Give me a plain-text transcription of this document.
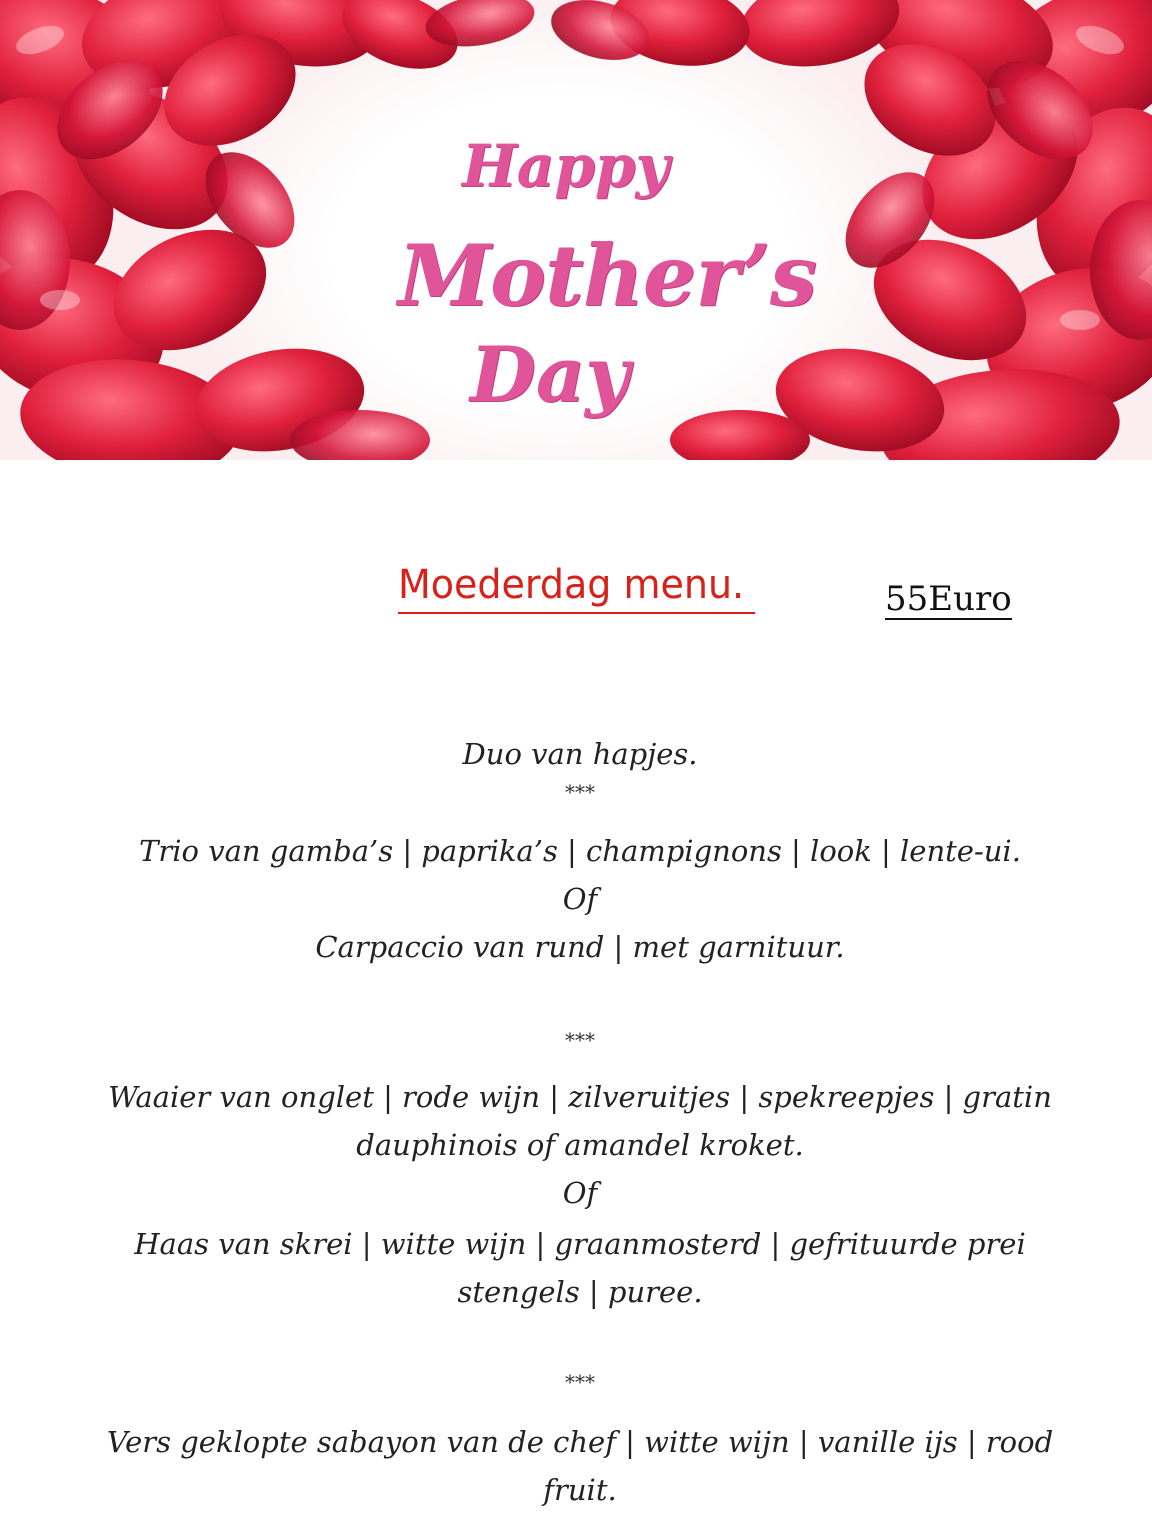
Happy
Mother’s
Day
Moederdag menu.	55Euro
Duo van hapjes.
***
Trio van gamba’s | paprika’s | champignons | look | lente-ui.
Of
Carpaccio van rund | met garnituur.
***
Waaier van onglet | rode wijn | zilveruitjes | spekreepjes | gratin
dauphinois of amandel kroket.
Of
Haas van skrei | witte wijn | graanmosterd | gefrituurde prei
stengels | puree.
***
Vers geklopte sabayon van de chef | witte wijn | vanille ijs | rood
fruit.
